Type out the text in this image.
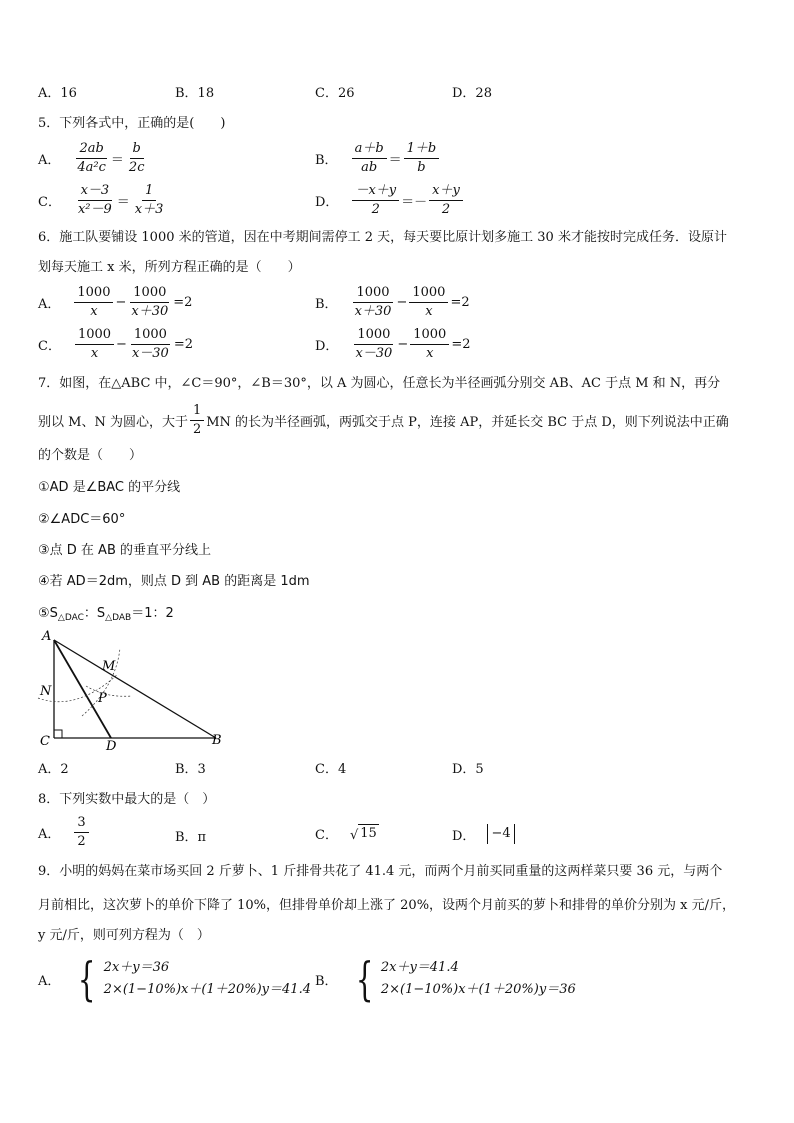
A．16	B．18	C．26	D．28
5．下列各式中，正确的是(　　)
A． $\frac{2ab}{\text{4a²c}} = \frac{b}{2c}$	B． $\frac{a+b}{ab} = \frac{1+b}{b}$
C． $\frac{x-3}{\text{x²－9}} = \frac{1}{x+3}$	D． $\frac{-x+y}{2} =- \frac{x+y}{2}$
6．施工队要铺设 1000 米的管道，因在中考期间需停工 2 天，每天要比原计划多施工 30 米才能按时完成任务．设原计
划每天施工 x 米，所列方程正确的是（　　）
A． $\frac{1000}{x} - \frac{1000}{x+30} =2$	B． $\frac{1000}{x+30} - \frac{1000}{x} =2$
C． $\frac{1000}{x} - \frac{1000}{x-30} =2$	D． $\frac{1000}{x-30} - \frac{1000}{x} =2$
7．如图，在△ABC 中，∠C＝90°，∠B＝30°，以 A 为圆心，任意长为半径画弧分别交 AB、AC 于点 M 和 N，再分
别以 M、N 为圆心，大于 $\frac{1}{2}$ MN 的长为半径画弧，两弧交于点 P，连接 AP，并延长交 BC 于点 D，则下列说法中正确
的个数是（　　）
①AD 是∠BAC 的平分线
②∠ADC＝60°
③点 D 在 AB 的垂直平分线上
④若 AD＝2dm，则点 D 到 AB 的距离是 1dm
$⑤S_{\triangle DAC}$：$S_{\triangle DAB}=1$：2
A
M
N	P
C	D	B
A．2	B．3	C．4	D．5
8．下列实数中最大的是（　）
A． $\frac{3}{2}$	B．π	C． √ 15	D．	−4
9．小明的妈妈在菜市场买回 2 斤萝卜、1 斤排骨共花了 41.4 元，而两个月前买同重量的这两样菜只要 36 元，与两个
月前相比，这次萝卜的单价下降了 10%，但排骨单价却上涨了 20%，设两个月前买的萝卜和排骨的单价分别为 x 元/斤，
y 元/斤，则可列方程为（　）
A． { 2x＋y＝36
2×(1−10%)x＋(1＋20%)y＝41.4
B． { 2x＋y＝41.4
2×(1−10%)x＋(1＋20%)y＝36
